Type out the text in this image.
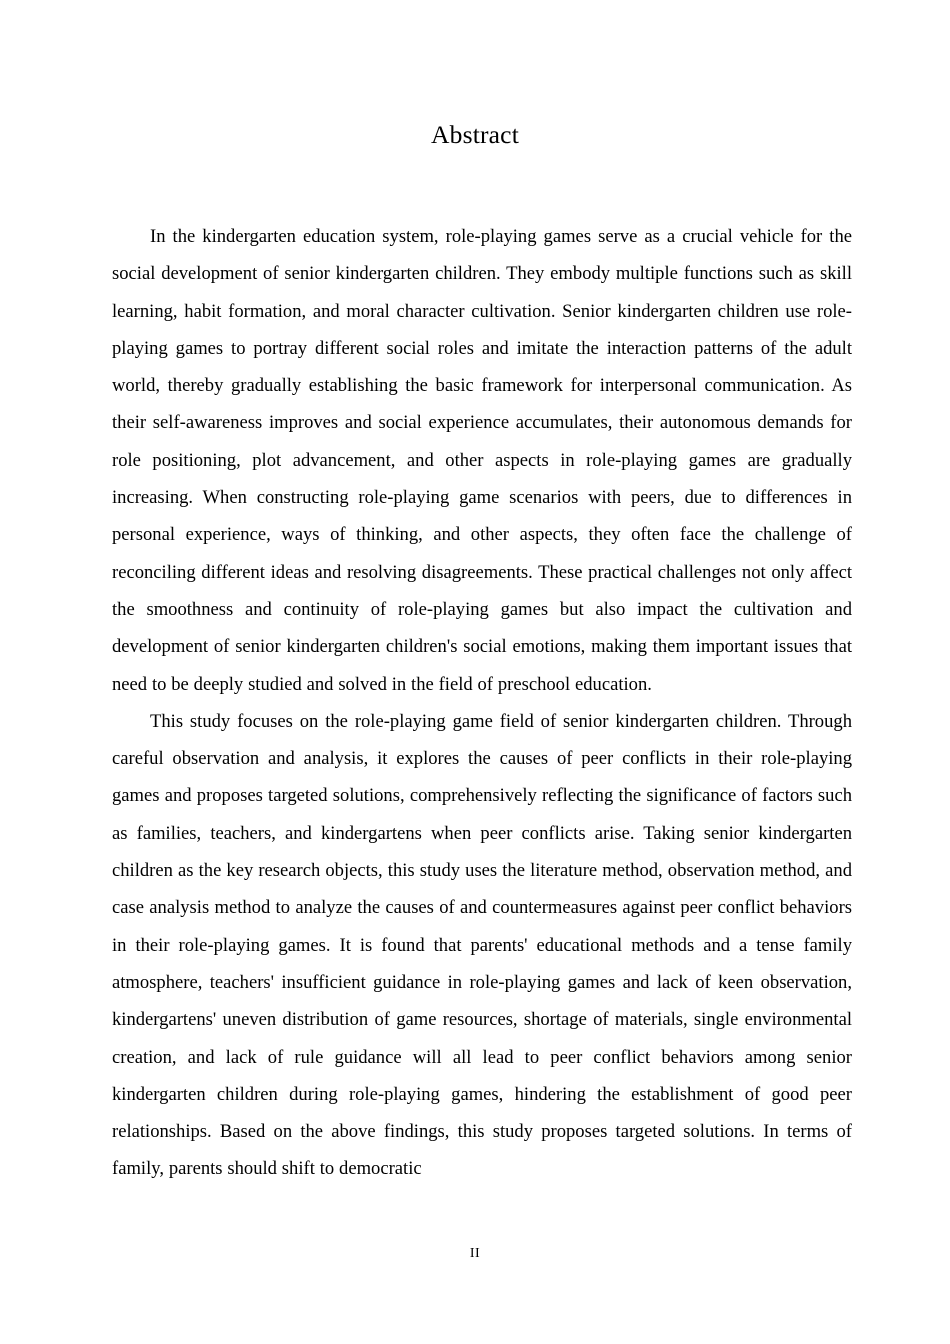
Abstract

In the kindergarten education system, role-playing games serve as a crucial vehicle for the social development of senior kindergarten children. They embody multiple functions such as skill learning, habit formation, and moral character cultivation. Senior kindergarten children use role-playing games to portray different social roles and imitate the interaction patterns of the adult world, thereby gradually establishing the basic framework for interpersonal communication. As their self-awareness improves and social experience accumulates, their autonomous demands for role positioning, plot advancement, and other aspects in role-playing games are gradually increasing. When constructing role-playing game scenarios with peers, due to differences in personal experience, ways of thinking, and other aspects, they often face the challenge of reconciling different ideas and resolving disagreements. These practical challenges not only affect the smoothness and continuity of role-playing games but also impact the cultivation and development of senior kindergarten children's social emotions, making them important issues that need to be deeply studied and solved in the field of preschool education.

This study focuses on the role-playing game field of senior kindergarten children. Through careful observation and analysis, it explores the causes of peer conflicts in their role-playing games and proposes targeted solutions, comprehensively reflecting the significance of factors such as families, teachers, and kindergartens when peer conflicts arise. Taking senior kindergarten children as the key research objects, this study uses the literature method, observation method, and case analysis method to analyze the causes of and countermeasures against peer conflict behaviors in their role-playing games. It is found that parents' educational methods and a tense family atmosphere, teachers' insufficient guidance in role-playing games and lack of keen observation, kindergartens' uneven distribution of game resources, shortage of materials, single environmental creation, and lack of rule guidance will all lead to peer conflict behaviors among senior kindergarten children during role-playing games, hindering the establishment of good peer relationships. Based on the above findings, this study proposes targeted solutions. In terms of family, parents should shift to democratic

II
